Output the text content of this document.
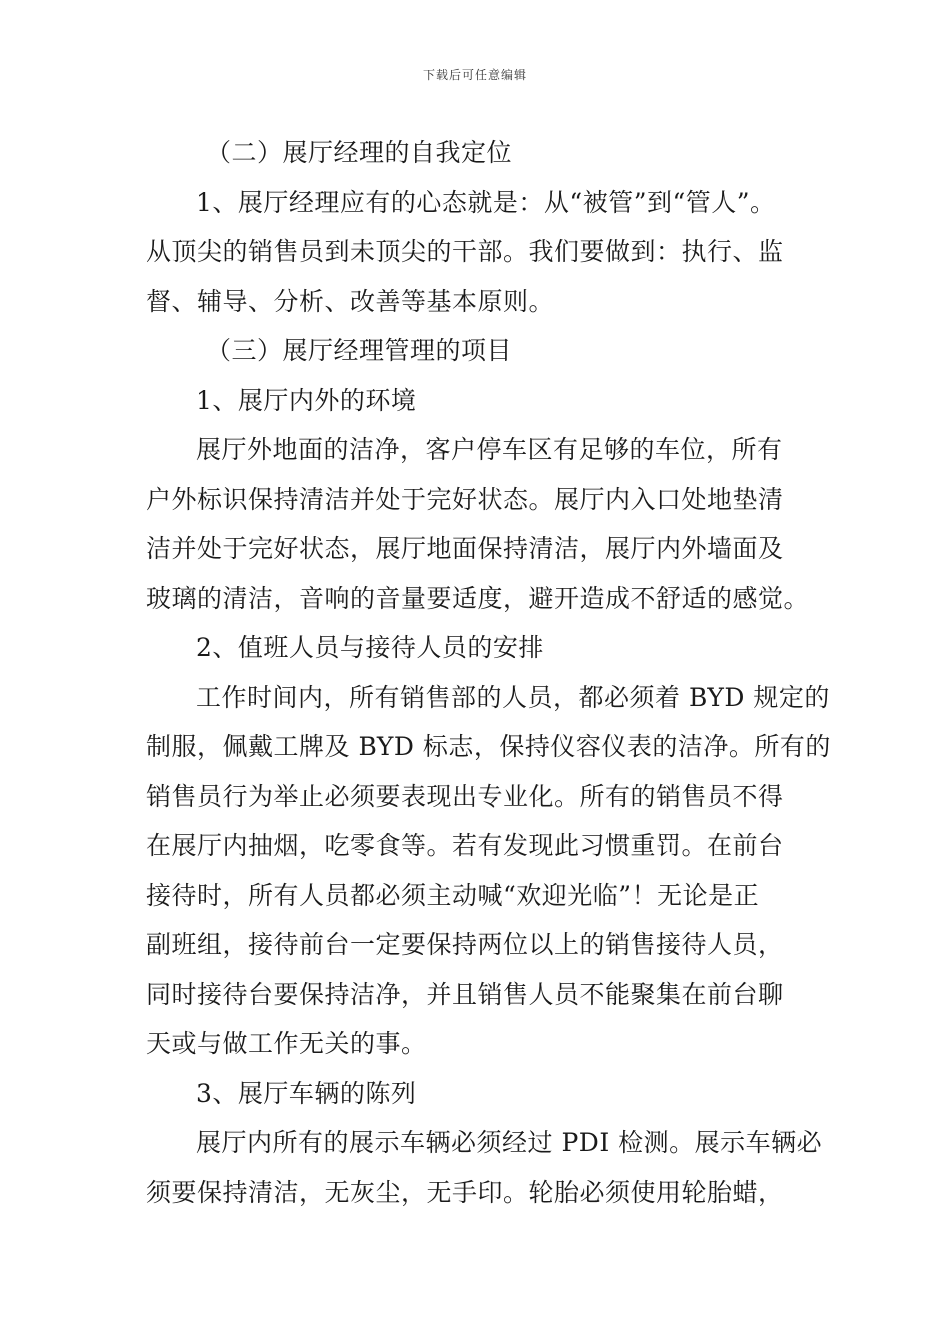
下载后可任意编辑
（二）展厅经理的自我定位
1、展厅经理应有的心态就是：从“被管”到“管人”。
从顶尖的销售员到未顶尖的干部。我们要做到：执行、监
督、辅导、分析、改善等基本原则。
（三）展厅经理管理的项目
1、展厅内外的环境
展厅外地面的洁净，客户停车区有足够的车位，所有
户外标识保持清洁并处于完好状态。展厅内入口处地垫清
洁并处于完好状态，展厅地面保持清洁，展厅内外墙面及
玻璃的清洁，音响的音量要适度，避开造成不舒适的感觉。
2、值班人员与接待人员的安排
工作时间内，所有销售部的人员，都必须着 BYD 规定的
制服，佩戴工牌及 BYD 标志，保持仪容仪表的洁净。所有的
销售员行为举止必须要表现出专业化。所有的销售员不得
在展厅内抽烟，吃零食等。若有发现此习惯重罚。在前台
接待时，所有人员都必须主动喊“欢迎光临”！无论是正
副班组，接待前台一定要保持两位以上的销售接待人员，
同时接待台要保持洁净，并且销售人员不能聚集在前台聊
天或与做工作无关的事。
3、展厅车辆的陈列
展厅内所有的展示车辆必须经过 PDI 检测。展示车辆必
须要保持清洁，无灰尘，无手印。轮胎必须使用轮胎蜡，
